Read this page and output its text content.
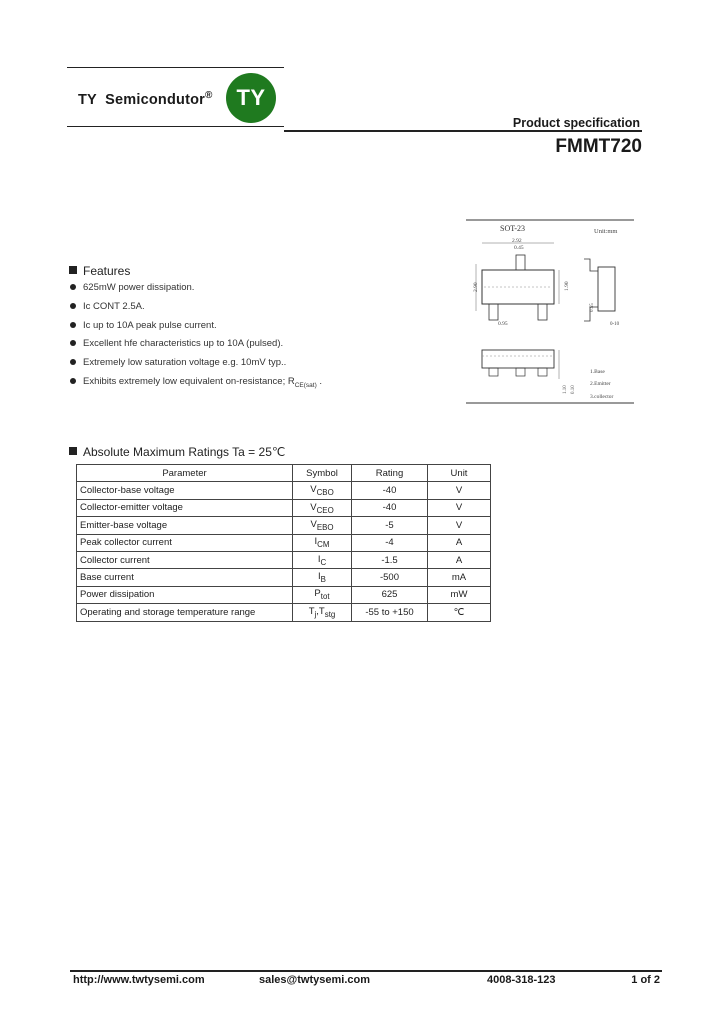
TY  Semicondutor® TY
Product specification
FMMT720
SOT-23	Unit:mm
2.92
0.45
0.95
2.90	1.90
0.55
0-10
1.10 0.10
1.Base
2.Emitter
3.collector
Features
625mW power dissipation.
Ic CONT 2.5A.
Ic up to 10A peak pulse current.
Excellent hfe characteristics up to 10A (pulsed).
Extremely low saturation voltage e.g. 10mV typ..
Exhibits extremely low equivalent on-resistance; $R_{CE(sat)}$ .
Absolute Maximum Ratings Ta = 25℃
Parameter	Symbol	Rating	Unit
Collector-base voltage	$V_{CBO}$	-40	V
Collector-emitter voltage	$V_{CEO}$	-40	V
Emitter-base voltage	$V_{EBO}$	-5	V
Peak collector current	$I_{CM}$	-4	A
Collector current	$I_C$	-1.5	A
Base current	$I_B$	-500	mA
Power dissipation	$P_{tot}$	625	mW
Operating and storage temperature range	$T_j,T_{stg}$	-55 to +150	℃
http://www.twtysemi.com	sales@twtysemi.com	4008-318-123	1 of 2
